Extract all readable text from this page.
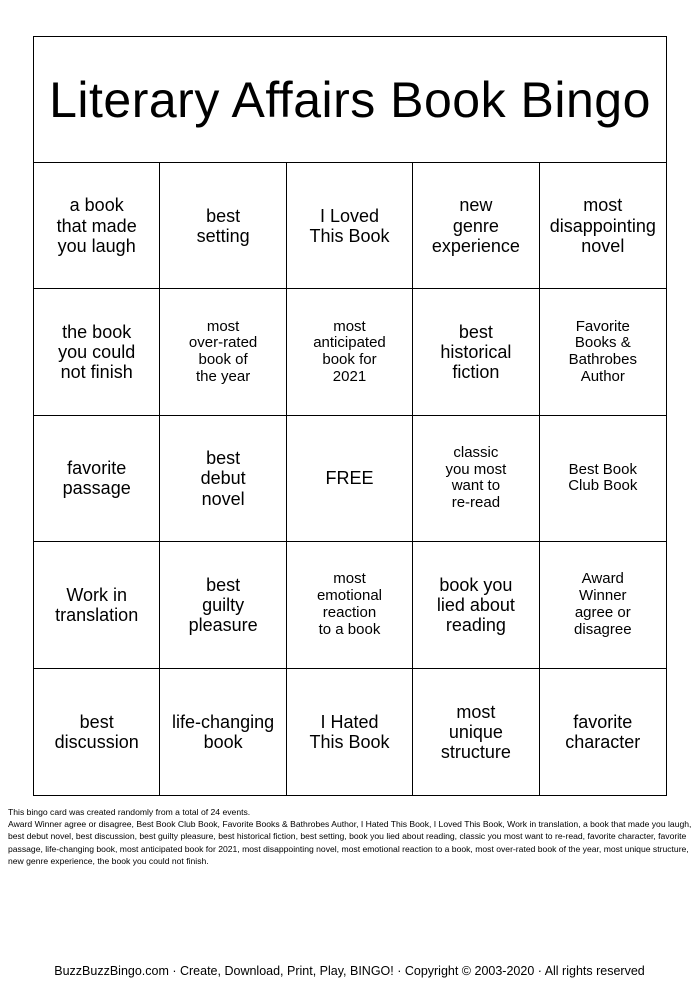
Literary Affairs Book Bingo
a book
that made
you laugh
best
setting
I Loved
This Book
new
genre
experience
most
disappointing
novel
the book
you could
not finish
most
over-rated
book of
the year
most
anticipated
book for
2021
best
historical
fiction
Favorite
Books &
Bathrobes
Author
favorite
passage
best
debut
novel
FREE
classic
you most
want to
re-read
Best Book
Club Book
Work in
translation
best
guilty
pleasure
most
emotional
reaction
to a book
book you
lied about
reading
Award
Winner
agree or
disagree
best
discussion
life-changing
book
I Hated
This Book
most
unique
structure
favorite
character

This bingo card was created randomly from a total of 24 events.

Award Winner agree or disagree, Best Book Club Book, Favorite Books & Bathrobes Author, I Hated This Book, I Loved This Book, Work in translation, a book that made you laugh, best debut novel, best discussion, best guilty pleasure, best historical fiction, best setting, book you lied about reading, classic you most want to re-read, favorite character, favorite passage, life-changing book, most anticipated book for 2021, most disappointing novel, most emotional reaction to a book, most over-rated book of the year, most unique structure, new genre experience, the book you could not finish.

BuzzBuzzBingo.com · Create, Download, Print, Play, BINGO! · Copyright © 2003-2020 · All rights reserved
